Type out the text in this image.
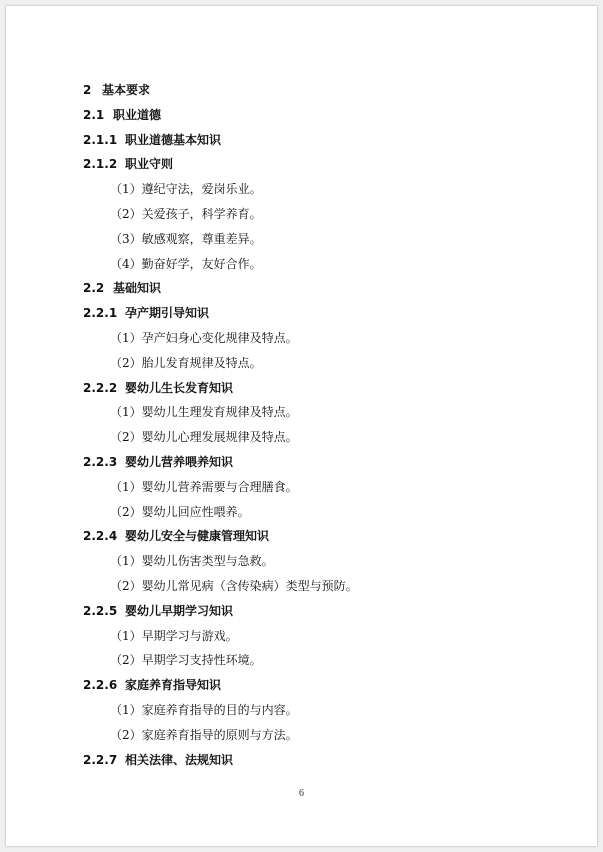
2 基本要求
2.1 职业道德
2.1.1 职业道德基本知识
2.1.2 职业守则
（1）遵纪守法，爱岗乐业。
（2）关爱孩子，科学养育。
（3）敏感观察，尊重差异。
（4）勤奋好学，友好合作。
2.2 基础知识
2.2.1 孕产期引导知识
（1）孕产妇身心变化规律及特点。
（2）胎儿发育规律及特点。
2.2.2 婴幼儿生长发育知识
（1）婴幼儿生理发育规律及特点。
（2）婴幼儿心理发展规律及特点。
2.2.3 婴幼儿营养喂养知识
（1）婴幼儿营养需要与合理膳食。
（2）婴幼儿回应性喂养。
2.2.4 婴幼儿安全与健康管理知识
（1）婴幼儿伤害类型与急救。
（2）婴幼儿常见病（含传染病）类型与预防。
2.2.5 婴幼儿早期学习知识
（1）早期学习与游戏。
（2）早期学习支持性环境。
2.2.6 家庭养育指导知识
（1）家庭养育指导的目的与内容。
（2）家庭养育指导的原则与方法。
2.2.7 相关法律、法规知识
6
